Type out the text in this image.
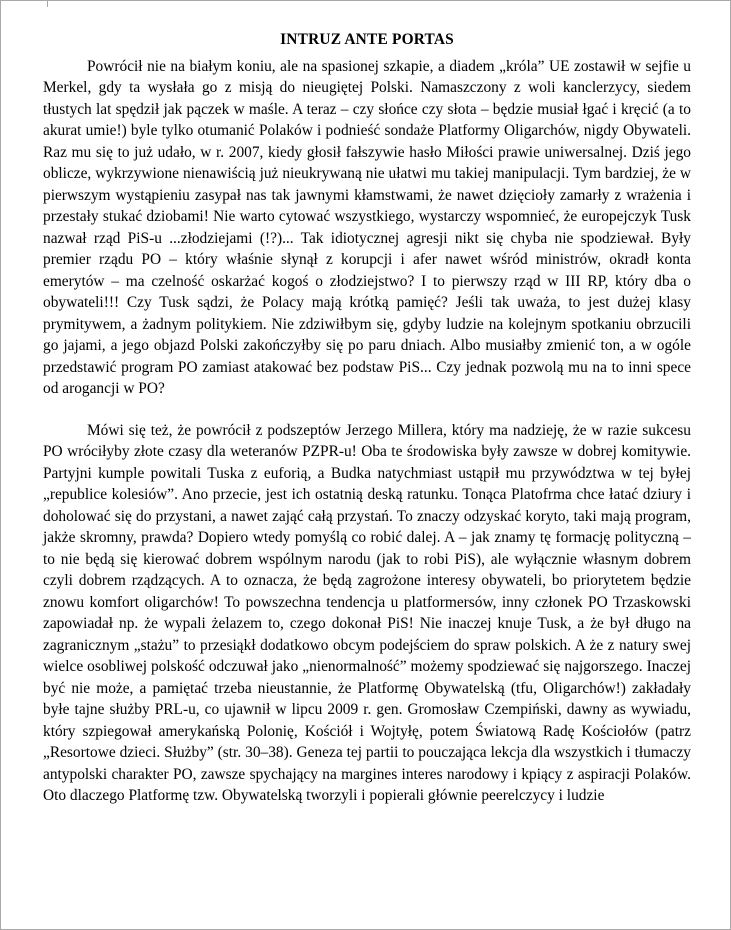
INTRUZ ANTE PORTAS

Powrócił nie na białym koniu, ale na spasionej szkapie, a diadem „króla” UE zostawił w sejfie u Merkel, gdy ta wysłała go z misją do nieugiętej Polski. Namaszczony z woli kanclerzycy, siedem tłustych lat spędził jak pączek w maśle. A teraz – czy słońce czy słota – będzie musiał łgać i kręcić (a to akurat umie!) byle tylko otumanić Polaków i podnieść sondaże Platformy Oligarchów, nigdy Obywateli. Raz mu się to już udało, w r. 2007, kiedy głosił fałszywie hasło Miłości prawie uniwersalnej. Dziś jego oblicze, wykrzywione nienawiścią już nieukrywaną nie ułatwi mu takiej manipulacji. Tym bardziej, że w pierwszym wystąpieniu zasypał nas tak jawnymi kłamstwami, że nawet dzięcioły zamarły z wrażenia i przestały stukać dziobami! Nie warto cytować wszystkiego, wystarczy wspomnieć, że europejczyk Tusk nazwał rząd PiS-u ...złodziejami (!?)... Tak idiotycznej agresji nikt się chyba nie spodziewał. Były premier rządu PO – który właśnie słynął z korupcji i afer nawet wśród ministrów, okradł konta emerytów – ma czelność oskarżać kogoś o złodziejstwo? I to pierwszy rząd w III RP, który dba o obywateli!!! Czy Tusk sądzi, że Polacy mają krótką pamięć? Jeśli tak uważa, to jest dużej klasy prymitywem, a żadnym politykiem. Nie zdziwiłbym się, gdyby ludzie na kolejnym spotkaniu obrzucili go jajami, a jego objazd Polski zakończyłby się po paru dniach. Albo musiałby zmienić ton, a w ogóle przedstawić program PO zamiast atakować bez podstaw PiS... Czy jednak pozwolą mu na to inni spece od arogancji w PO?

Mówi się też, że powrócił z podszeptów Jerzego Millera, który ma nadzieję, że w razie sukcesu PO wróciłyby złote czasy dla weteranów PZPR-u! Oba te środowiska były zawsze w dobrej komitywie. Partyjni kumple powitali Tuska z euforią, a Budka natychmiast ustąpił mu przywództwa w tej byłej „republice kolesiów”. Ano przecie, jest ich ostatnią deską ratunku. Tonąca Platofrma chce łatać dziury i doholować się do przystani, a nawet zająć całą przystań. To znaczy odzyskać koryto, taki mają program, jakże skromny, prawda? Dopiero wtedy pomyślą co robić dalej. A – jak znamy tę formację polityczną – to nie będą się kierować dobrem wspólnym narodu (jak to robi PiS), ale wyłącznie własnym dobrem czyli dobrem rządzących. A to oznacza, że będą zagrożone interesy obywateli, bo priorytetem będzie znowu komfort oligarchów! To powszechna tendencja u platformersów, inny członek PO Trzaskowski zapowiadał np. że wypali żelazem to, czego dokonał PiS! Nie inaczej knuje Tusk, a że był długo na zagranicznym „stażu” to przesiąkł dodatkowo obcym podejściem do spraw polskich. A że z natury swej wielce osobliwej polskość odczuwał jako „nienormalność” możemy spodziewać się najgorszego. Inaczej być nie może, a pamiętać trzeba nieustannie, że Platformę Obywatelską (tfu, Oligarchów!) zakładały byłe tajne służby PRL-u, co ujawnił w lipcu 2009 r. gen. Gromosław Czempiński, dawny as wywiadu, który szpiegował amerykańską Polonię, Kościół i Wojtyłę, potem Światową Radę Kościołów (patrz „Resortowe dzieci. Służby” (str. 30–38). Geneza tej partii to pouczająca lekcja dla wszystkich i tłumaczy antypolski charakter PO, zawsze spychający na margines interes narodowy i kpiący z aspiracji Polaków. Oto dlaczego Platformę tzw. Obywatelską tworzyli i popierali głównie peerelczycy i ludzie
